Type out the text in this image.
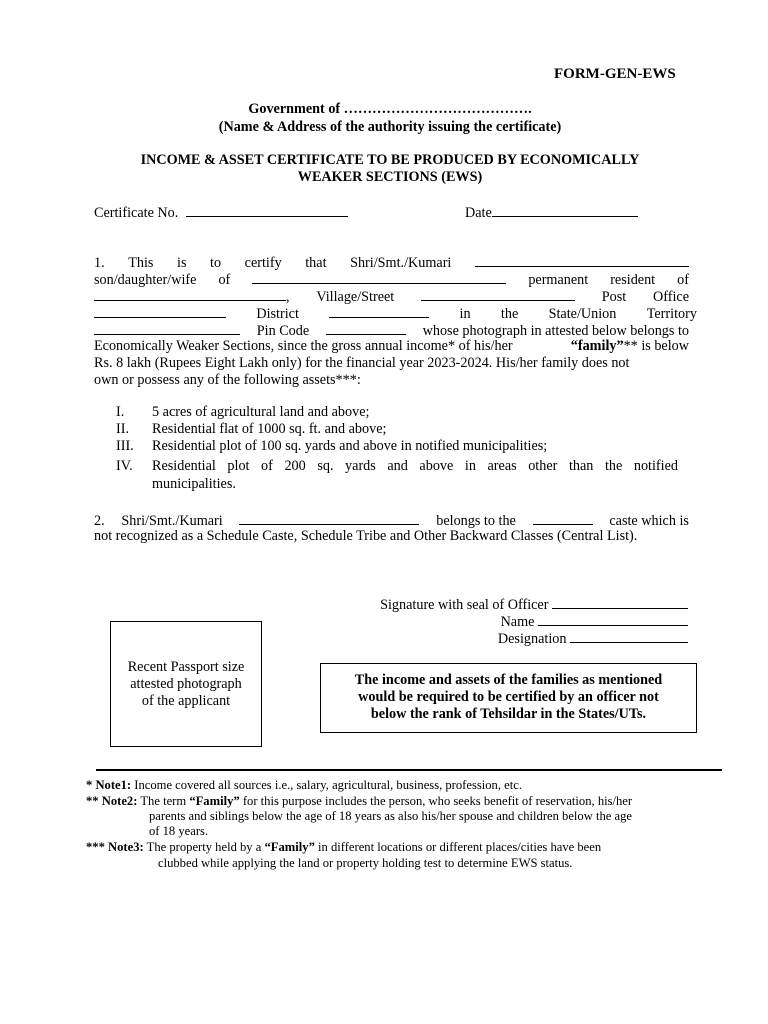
FORM-GEN-EWS
Government of ………………………………….
(Name & Address of the authority issuing the certificate)
INCOME & ASSET CERTIFICATE TO BE PRODUCED BY ECONOMICALLY
WEAKER SECTIONS (EWS)
Certificate No.	Date
1. This is to certify that Shri/Smt./Kumari
son/daughter/wife of	permanent resident of
, Village/Street	Post Office
District	in the State/Union Territory
Pin Code	whose photograph in attested below belongs to
Economically Weaker Sections, since the gross annual income* of his/her	“family”** is below
Rs. 8 lakh (Rupees Eight Lakh only) for the financial year 2023-2024. His/her family does not
own or possess any of the following assets***:
I.	5 acres of agricultural land and above;
II.	Residential flat of 1000 sq. ft. and above;
III.	Residential plot of 100 sq. yards and above in notified municipalities;
IV.	Residential plot of 200 sq. yards and above in areas other than the notified
municipalities.
2. Shri/Smt./Kumari	belongs to the	caste which is
not recognized as a Schedule Caste, Schedule Tribe and Other Backward Classes (Central List).
Signature with seal of Officer
Name
Designation
Recent Passport size
attested photograph
of the applicant
The income and assets of the families as mentioned
would be required to be certified by an officer not
below the rank of Tehsildar in the States/UTs.
* Note1: Income covered all sources i.e., salary, agricultural, business, profession, etc.
** Note2: The term “Family” for this purpose includes the person, who seeks benefit of reservation, his/her
parents and siblings below the age of 18 years as also his/her spouse and children below the age
of 18 years.
*** Note3: The property held by a “Family” in different locations or different places/cities have been
clubbed while applying the land or property holding test to determine EWS status.
